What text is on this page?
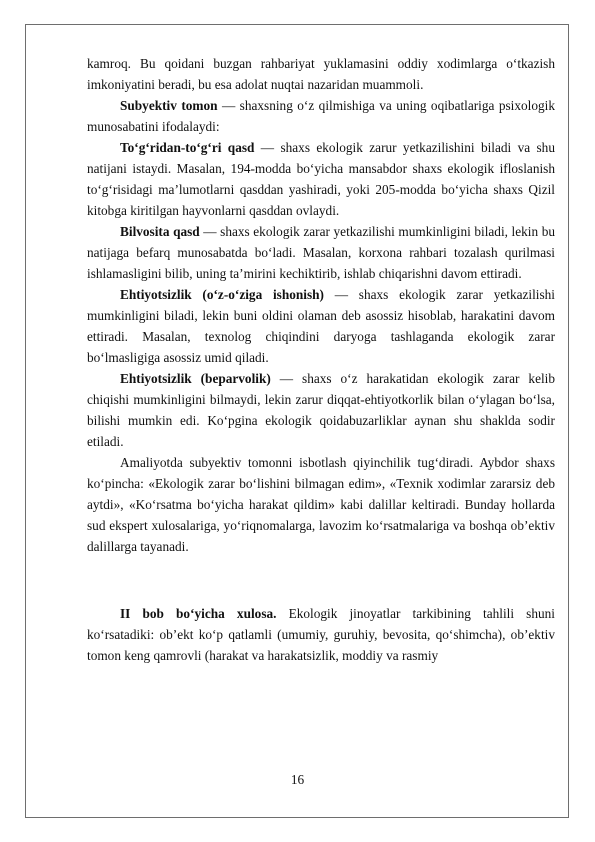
kamroq. Bu qoidani buzgan rahbariyat yuklamasini oddiy xodimlarga o‘tkazish imkoniyatini beradi, bu esa adolat nuqtai nazaridan muammoli.

Subyektiv tomon — shaxsning o‘z qilmishiga va uning oqibatlariga psixologik munosabatini ifodalaydi:

To‘g‘ridan-to‘g‘ri qasd — shaxs ekologik zarur yetkazilishini biladi va shu natijani istaydi. Masalan, 194-modda bo‘yicha mansabdor shaxs ekologik ifloslanish to‘g‘risidagi ma’lumotlarni qasddan yashiradi, yoki 205-modda bo‘yicha shaxs Qizil kitobga kiritilgan hayvonlarni qasddan ovlaydi.

Bilvosita qasd — shaxs ekologik zarar yetkazilishi mumkinligini biladi, lekin bu natijaga befarq munosabatda bo‘ladi. Masalan, korxona rahbari tozalash qurilmasi ishlamasligini bilib, uning ta’mirini kechiktirib, ishlab chiqarishni davom ettiradi.

Ehtiyotsizlik (o‘z-o‘ziga ishonish) — shaxs ekologik zarar yetkazilishi mumkinligini biladi, lekin buni oldini olaman deb asossiz hisoblab, harakatini davom ettiradi. Masalan, texnolog chiqindini daryoga tashlaganda ekologik zarar bo‘lmasligiga asossiz umid qiladi.

Ehtiyotsizlik (beparvolik) — shaxs o‘z harakatidan ekologik zarar kelib chiqishi mumkinligini bilmaydi, lekin zarur diqqat-ehtiyotkorlik bilan o‘ylagan bo‘lsa, bilishi mumkin edi. Ko‘pgina ekologik qoidabuzarliklar aynan shu shaklda sodir etiladi.

Amaliyotda subyektiv tomonni isbotlash qiyinchilik tug‘diradi. Aybdor shaxs ko‘pincha: «Ekologik zarar bo‘lishini bilmagan edim», «Texnik xodimlar zararsiz deb aytdi», «Ko‘rsatma bo‘yicha harakat qildim» kabi dalillar keltiradi. Bunday hollarda sud ekspert xulosalariga, yo‘riqnomalarga, lavozim ko‘rsatmalariga va boshqa ob’ektiv dalillarga tayanadi.

II bob bo‘yicha xulosa. Ekologik jinoyatlar tarkibining tahlili shuni ko‘rsatadiki: ob’ekt ko‘p qatlamli (umumiy, guruhiy, bevosita, qo‘shimcha), ob’ektiv tomon keng qamrovli (harakat va harakatsizlik, moddiy va rasmiy

16
